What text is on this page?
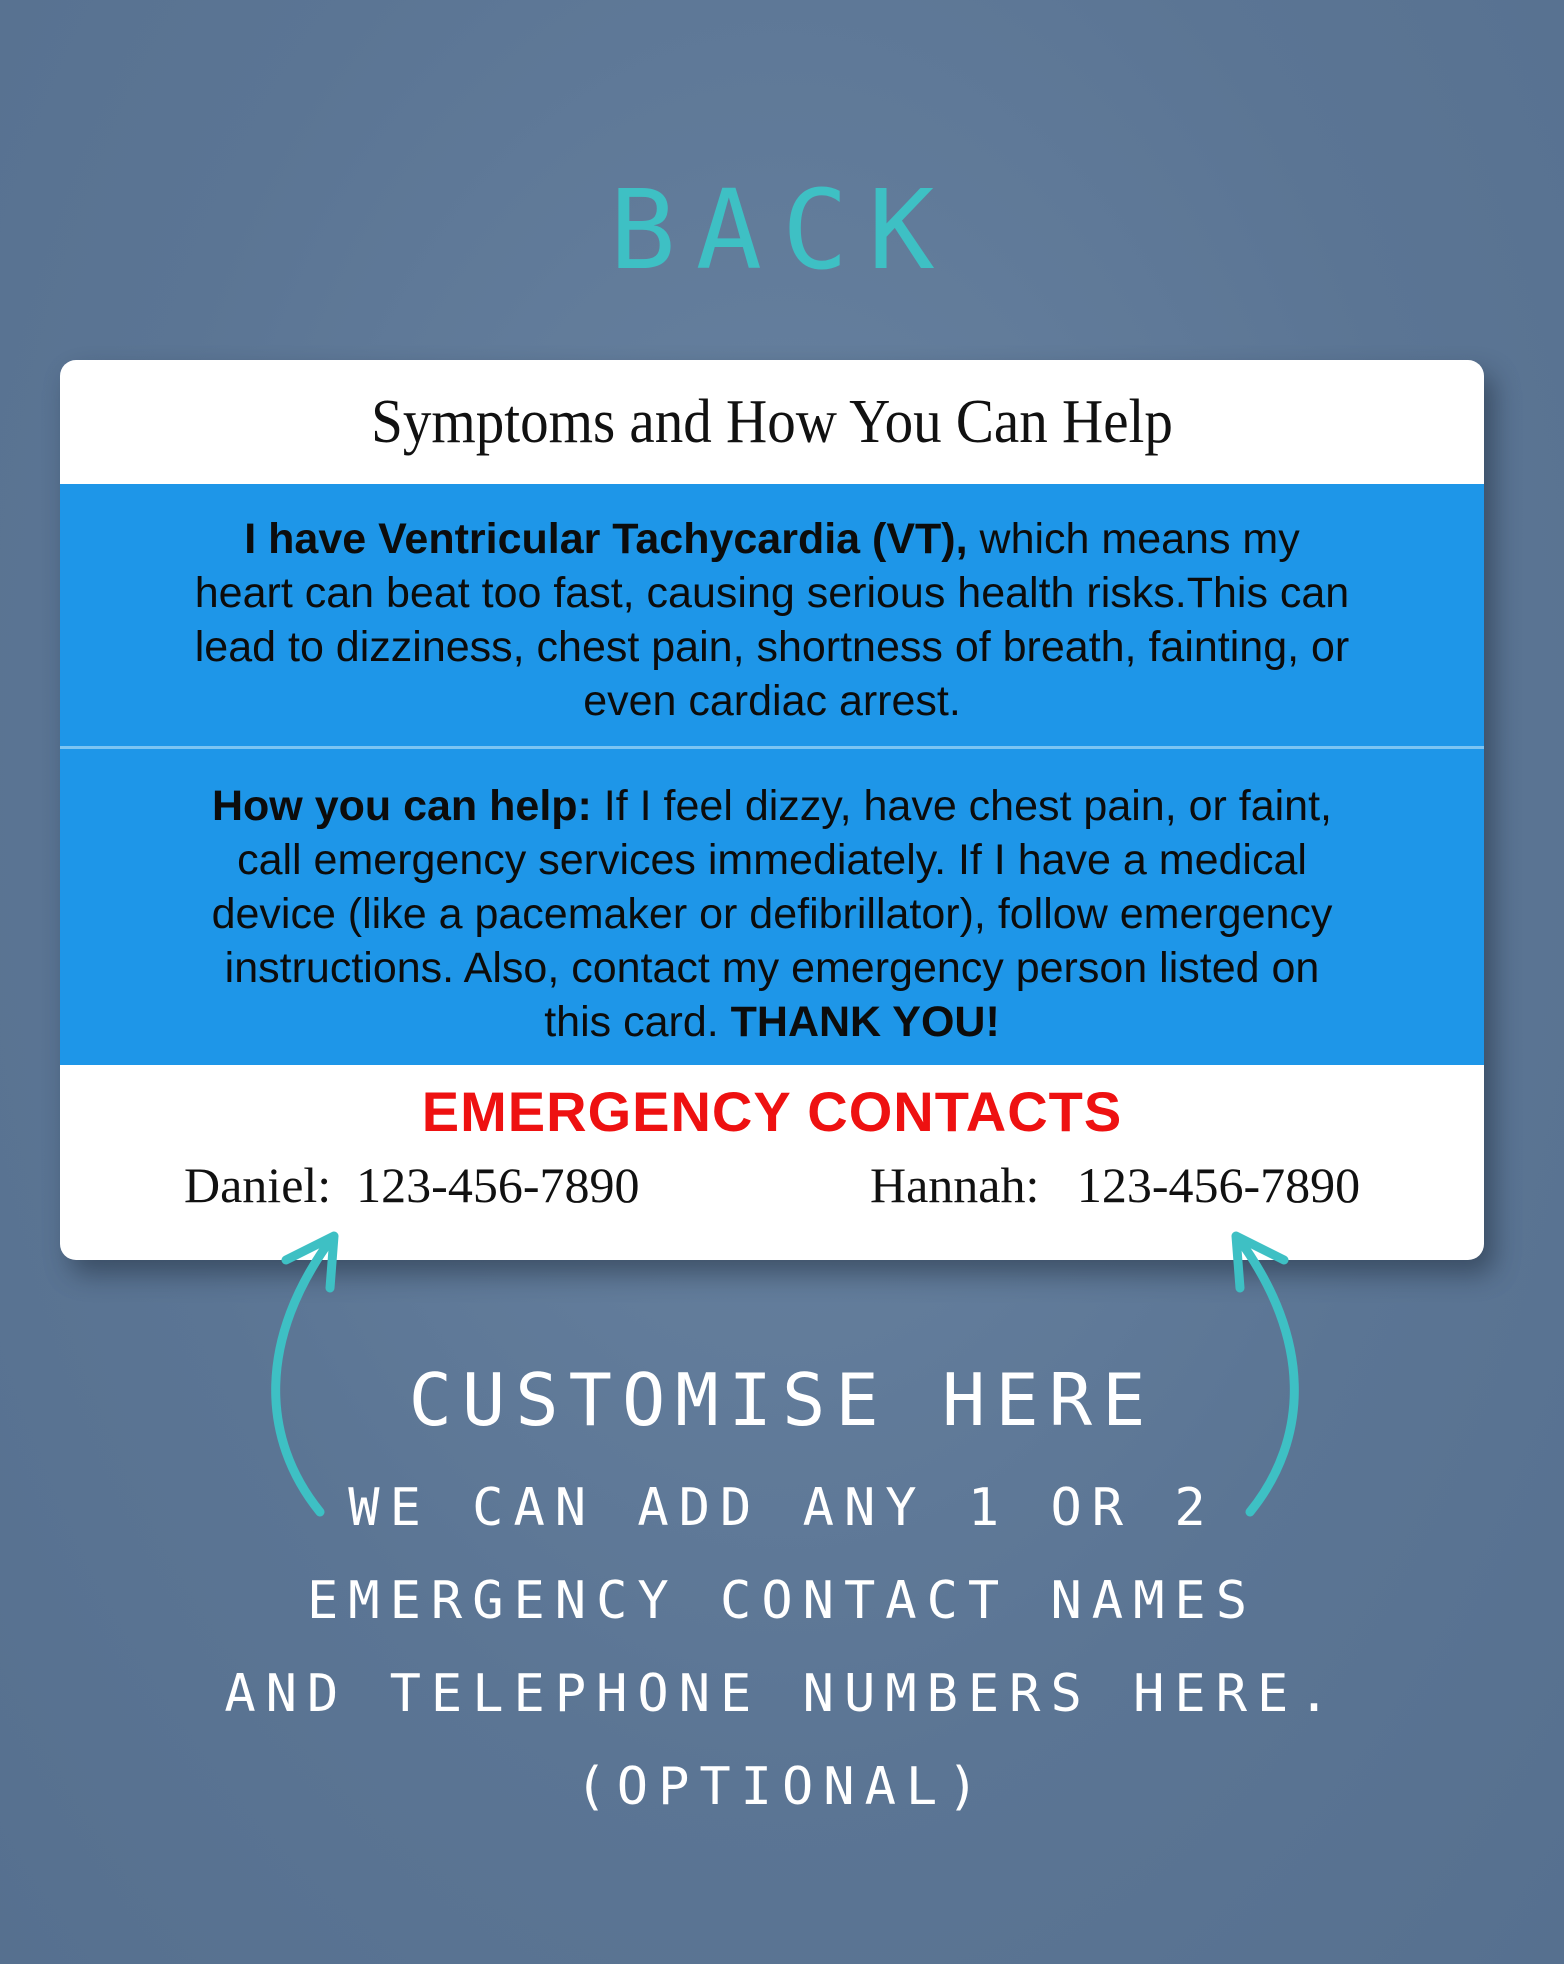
BACK
Symptoms and How You Can Help
I have Ventricular Tachycardia (VT), which means my heart can beat too fast, causing serious health risks.This can lead to dizziness, chest pain, shortness of breath, fainting, or even cardiac arrest.
How you can help: If I feel dizzy, have chest pain, or faint, call emergency services immediately. If I have a medical device (like a pacemaker or defibrillator), follow emergency instructions. Also, contact my emergency person listed on this card. THANK YOU!
EMERGENCY CONTACTS
Daniel:  123-456-7890	Hannah:   123-456-7890
CUSTOMISE HERE
WE CAN ADD ANY 1 OR 2
EMERGENCY CONTACT NAMES
AND TELEPHONE NUMBERS HERE.
(OPTIONAL)
